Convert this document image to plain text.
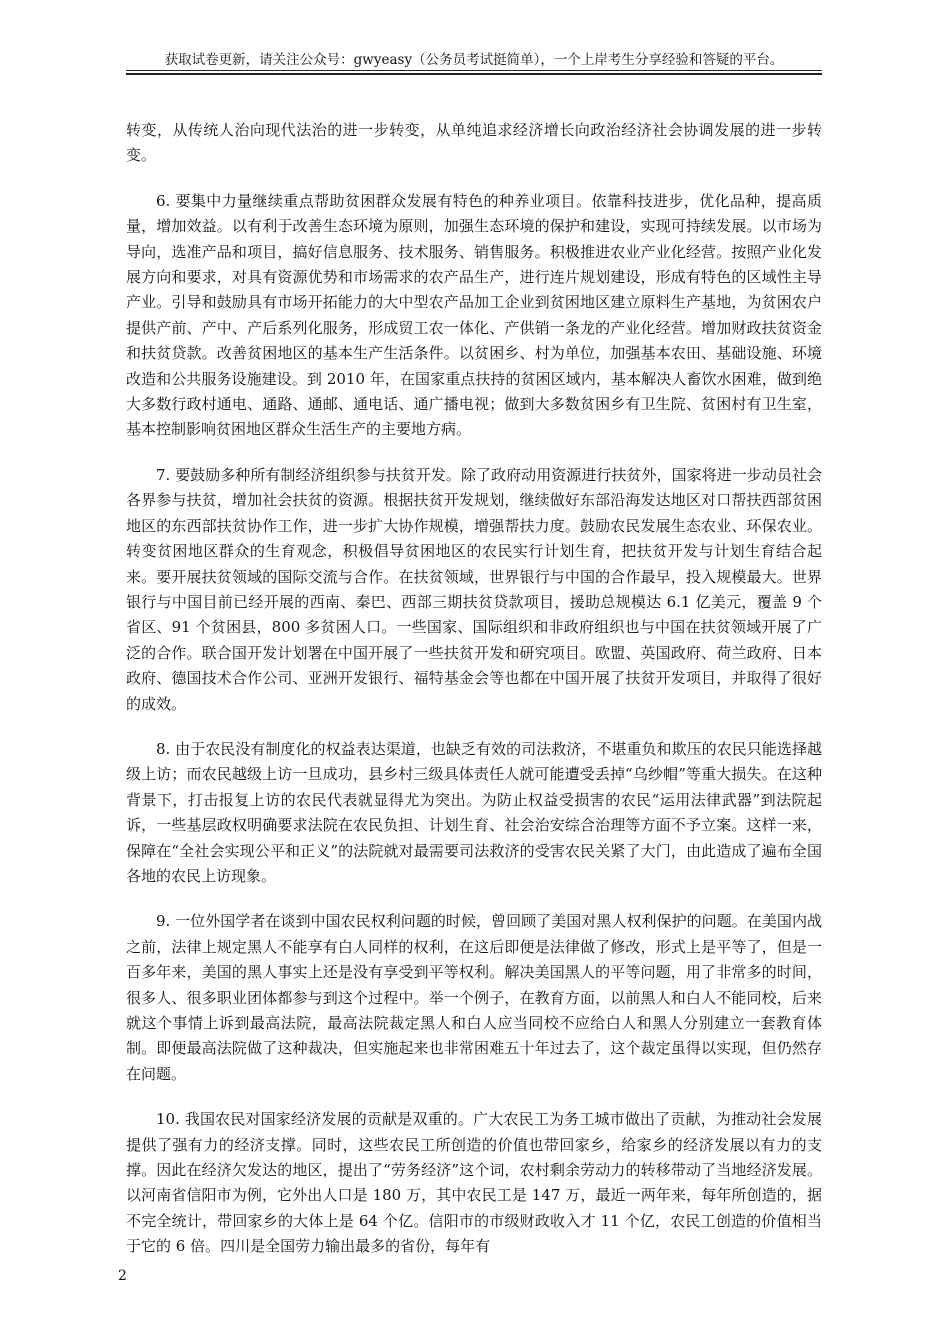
获取试卷更新，请关注公众号：gwyeasy（公务员考试挺简单），一个上岸考生分享经验和答疑的平台。

转变，从传统人治向现代法治的进一步转变，从单纯追求经济增长向政治经济社会协调发展的进一步转变。

6. 要集中力量继续重点帮助贫困群众发展有特色的种养业项目。依靠科技进步，优化品种，提高质量，增加效益。以有利于改善生态环境为原则，加强生态环境的保护和建设，实现可持续发展。以市场为导向，选准产品和项目，搞好信息服务、技术服务、销售服务。积极推进农业产业化经营。按照产业化发展方向和要求，对具有资源优势和市场需求的农产品生产，进行连片规划建设，形成有特色的区域性主导产业。引导和鼓励具有市场开拓能力的大中型农产品加工企业到贫困地区建立原料生产基地，为贫困农户提供产前、产中、产后系列化服务，形成贸工农一体化、产供销一条龙的产业化经营。增加财政扶贫资金和扶贫贷款。改善贫困地区的基本生产生活条件。以贫困乡、村为单位，加强基本农田、基础设施、环境改造和公共服务设施建设。到 2010 年，在国家重点扶持的贫困区域内，基本解决人畜饮水困难，做到绝大多数行政村通电、通路、通邮、通电话、通广播电视；做到大多数贫困乡有卫生院、贫困村有卫生室，基本控制影响贫困地区群众生活生产的主要地方病。

7. 要鼓励多种所有制经济组织参与扶贫开发。除了政府动用资源进行扶贫外，国家将进一步动员社会各界参与扶贫，增加社会扶贫的资源。根据扶贫开发规划，继续做好东部沿海发达地区对口帮扶西部贫困地区的东西部扶贫协作工作，进一步扩大协作规模，增强帮扶力度。鼓励农民发展生态农业、环保农业。转变贫困地区群众的生育观念，积极倡导贫困地区的农民实行计划生育，把扶贫开发与计划生育结合起来。要开展扶贫领域的国际交流与合作。在扶贫领域，世界银行与中国的合作最早，投入规模最大。世界银行与中国目前已经开展的西南、秦巴、西部三期扶贫贷款项目，援助总规模达 6.1 亿美元，覆盖 9 个省区、91 个贫困县，800 多贫困人口。一些国家、国际组织和非政府组织也与中国在扶贫领域开展了广泛的合作。联合国开发计划署在中国开展了一些扶贫开发和研究项目。欧盟、英国政府、荷兰政府、日本政府、德国技术合作公司、亚洲开发银行、福特基金会等也都在中国开展了扶贫开发项目，并取得了很好的成效。

8. 由于农民没有制度化的权益表达渠道，也缺乏有效的司法救济，不堪重负和欺压的农民只能选择越级上访；而农民越级上访一旦成功，县乡村三级具体责任人就可能遭受丢掉“乌纱帽”等重大损失。在这种背景下，打击报复上访的农民代表就显得尤为突出。为防止权益受损害的农民“运用法律武器”到法院起诉，一些基层政权明确要求法院在农民负担、计划生育、社会治安综合治理等方面不予立案。这样一来，保障在“全社会实现公平和正义”的法院就对最需要司法救济的受害农民关紧了大门，由此造成了遍布全国各地的农民上访现象。

9. 一位外国学者在谈到中国农民权利问题的时候，曾回顾了美国对黑人权利保护的问题。在美国内战之前，法律上规定黑人不能享有白人同样的权利，在这后即便是法律做了修改，形式上是平等了，但是一百多年来，美国的黑人事实上还是没有享受到平等权利。解决美国黑人的平等问题，用了非常多的时间，很多人、很多职业团体都参与到这个过程中。举一个例子，在教育方面，以前黑人和白人不能同校，后来就这个事情上诉到最高法院，最高法院裁定黑人和白人应当同校不应给白人和黑人分别建立一套教育体制。即便最高法院做了这种裁决，但实施起来也非常困难五十年过去了，这个裁定虽得以实现，但仍然存在问题。

10. 我国农民对国家经济发展的贡献是双重的。广大农民工为务工城市做出了贡献，为推动社会发展提供了强有力的经济支撑。同时，这些农民工所创造的价值也带回家乡，给家乡的经济发展以有力的支撑。因此在经济欠发达的地区，提出了“劳务经济”这个词，农村剩余劳动力的转移带动了当地经济发展。以河南省信阳市为例，它外出人口是 180 万，其中农民工是 147 万，最近一两年来，每年所创造的，据不完全统计，带回家乡的大体上是 64 个亿。信阳市的市级财政收入才 11 个亿，农民工创造的价值相当于它的 6 倍。四川是全国劳力输出最多的省份，每年有

2
